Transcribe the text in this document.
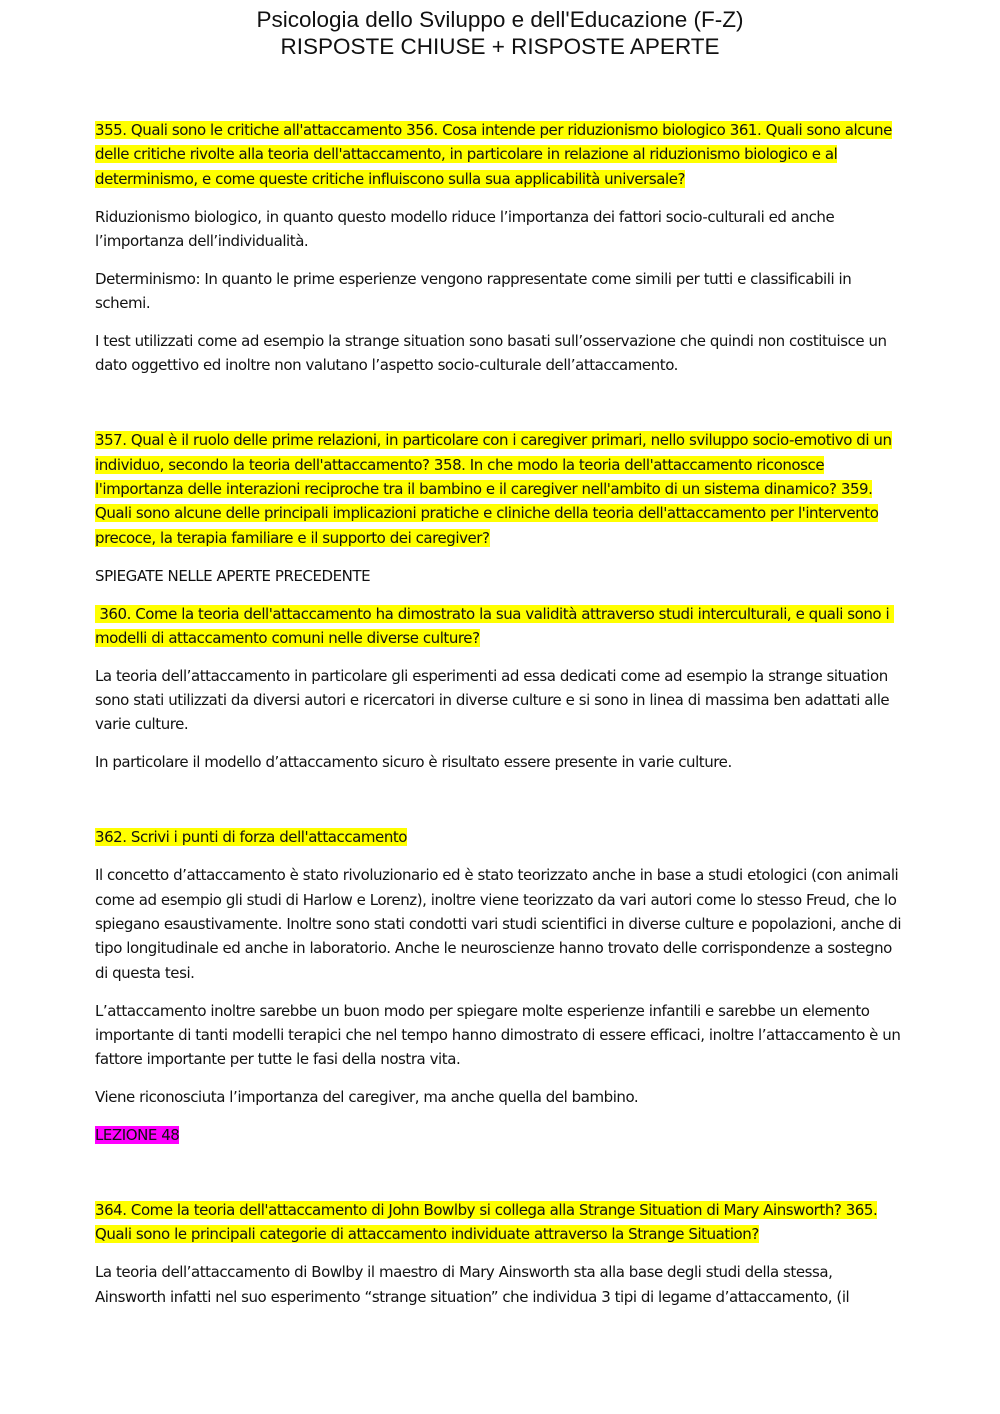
Psicologia dello Sviluppo e dell'Educazione (F-Z)
RISPOSTE CHIUSE + RISPOSTE APERTE

355. Quali sono le critiche all'attaccamento 356. Cosa intende per riduzionismo biologico 361. Quali sono alcune delle critiche rivolte alla teoria dell'attaccamento, in particolare in relazione al riduzionismo biologico e al determinismo, e come queste critiche influiscono sulla sua applicabilità universale?

Riduzionismo biologico, in quanto questo modello riduce l’importanza dei fattori socio-culturali ed anche l’importanza dell’individualità.

Determinismo: In quanto le prime esperienze vengono rappresentate come simili per tutti e classificabili in schemi.

I test utilizzati come ad esempio la strange situation sono basati sull’osservazione che quindi non costituisce un dato oggettivo ed inoltre non valutano l’aspetto socio-culturale dell’attaccamento.

357. Qual è il ruolo delle prime relazioni, in particolare con i caregiver primari, nello sviluppo socio-emotivo di un individuo, secondo la teoria dell'attaccamento? 358. In che modo la teoria dell'attaccamento riconosce l'importanza delle interazioni reciproche tra il bambino e il caregiver nell'ambito di un sistema dinamico? 359. Quali sono alcune delle principali implicazioni pratiche e cliniche della teoria dell'attaccamento per l'intervento precoce, la terapia familiare e il supporto dei caregiver?

SPIEGATE NELLE APERTE PRECEDENTE

360. Come la teoria dell'attaccamento ha dimostrato la sua validità attraverso studi interculturali, e quali sono i modelli di attaccamento comuni nelle diverse culture?

La teoria dell’attaccamento in particolare gli esperimenti ad essa dedicati come ad esempio la strange situation sono stati utilizzati da diversi autori e ricercatori in diverse culture e si sono in linea di massima ben adattati alle varie culture.

In particolare il modello d’attaccamento sicuro è risultato essere presente in varie culture.

362. Scrivi i punti di forza dell'attaccamento

Il concetto d’attaccamento è stato rivoluzionario ed è stato teorizzato anche in base a studi etologici (con animali come ad esempio gli studi di Harlow e Lorenz), inoltre viene teorizzato da vari autori come lo stesso Freud, che lo spiegano esaustivamente. Inoltre sono stati condotti vari studi scientifici in diverse culture e popolazioni, anche di tipo longitudinale ed anche in laboratorio. Anche le neuroscienze hanno trovato delle corrispondenze a sostegno di questa tesi.

L’attaccamento inoltre sarebbe un buon modo per spiegare molte esperienze infantili e sarebbe un elemento importante di tanti modelli terapici che nel tempo hanno dimostrato di essere efficaci, inoltre l’attaccamento è un fattore importante per tutte le fasi della nostra vita.

Viene riconosciuta l’importanza del caregiver, ma anche quella del bambino.

LEZIONE 48

364. Come la teoria dell'attaccamento di John Bowlby si collega alla Strange Situation di Mary Ainsworth? 365. Quali sono le principali categorie di attaccamento individuate attraverso la Strange Situation?

La teoria dell’attaccamento di Bowlby il maestro di Mary Ainsworth sta alla base degli studi della stessa, Ainsworth infatti nel suo esperimento “strange situation” che individua 3 tipi di legame d’attaccamento, (il
